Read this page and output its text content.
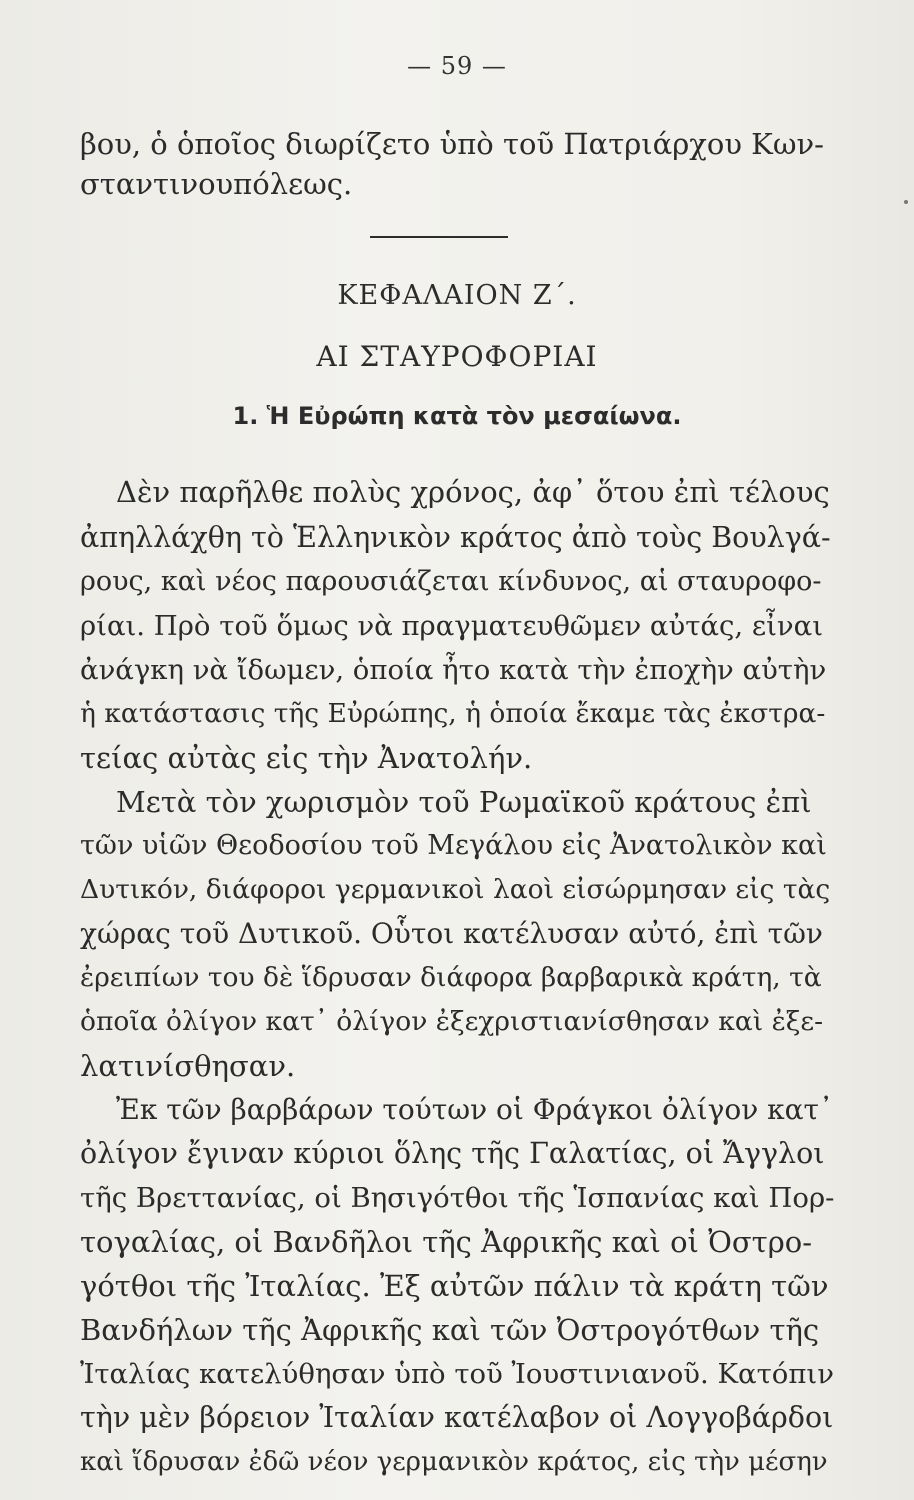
— 59 —
βου, ὁ ὁποῖος διωρίζετο ὑπὸ τοῦ Πατριάρχου Κων-
σταντινουπόλεως.
ΚΕΦΑΛΑΙΟΝ Ζ΄.
ΑΙ ΣΤΑΥΡΟΦΟΡΙΑΙ
1. Ἡ Εὐρώπη κατὰ τὸν μεσαίωνα.
Δὲν παρῆλθε πολὺς χρόνος, ἀφ᾿ ὅτου ἐπὶ τέλους
ἀπηλλάχθη τὸ Ἑλληνικὸν κράτος ἀπὸ τοὺς Βουλγά-
ρους, καὶ νέος παρουσιάζεται κίνδυνος, αἱ σταυροφο-
ρίαι. Πρὸ τοῦ ὅμως νὰ πραγματευθῶμεν αὐτάς, εἶναι
ἀνάγκη νὰ ἴδωμεν, ὁποία ἦτο κατὰ τὴν ἐποχὴν αὐτὴν
ἡ κατάστασις τῆς Εὐρώπης, ἡ ὁποία ἔκαμε τὰς ἐκστρα-
τείας αὐτὰς εἰς τὴν Ἀνατολήν.
Μετὰ τὸν χωρισμὸν τοῦ Ρωμαϊκοῦ κράτους ἐπὶ
τῶν υἱῶν Θεοδοσίου τοῦ Μεγάλου εἰς Ἀνατολικὸν καὶ
Δυτικόν, διάφοροι γερμανικοὶ λαοὶ εἰσώρμησαν εἰς τὰς
χώρας τοῦ Δυτικοῦ. Οὗτοι κατέλυσαν αὐτό, ἐπὶ τῶν
ἐρειπίων του δὲ ἵδρυσαν διάφορα βαρβαρικὰ κράτη, τὰ
ὁποῖα ὀλίγον κατ᾿ ὀλίγον ἐξεχριστιανίσθησαν καὶ ἐξε-
λατινίσθησαν.
Ἐκ τῶν βαρβάρων τούτων οἱ Φράγκοι ὀλίγον κατ᾿
ὀλίγον ἔγιναν κύριοι ὅλης τῆς Γαλατίας, οἱ Ἄγγλοι
τῆς Βρεττανίας, οἱ Βησιγότθοι τῆς Ἱσπανίας καὶ Πορ-
τογαλίας, οἱ Βανδῆλοι τῆς Ἀφρικῆς καὶ οἱ Ὀστρο-
γότθοι τῆς Ἰταλίας. Ἐξ αὐτῶν πάλιν τὰ κράτη τῶν
Βανδήλων τῆς Ἀφρικῆς καὶ τῶν Ὀστρογότθων τῆς
Ἰταλίας κατελύθησαν ὑπὸ τοῦ Ἰουστινιανοῦ. Κατόπιν
τὴν μὲν βόρειον Ἰταλίαν κατέλαβον οἱ Λογγοβάρδοι
καὶ ἵδρυσαν ἐδῶ νέον γερμανικὸν κράτος, εἰς τὴν μέσην
